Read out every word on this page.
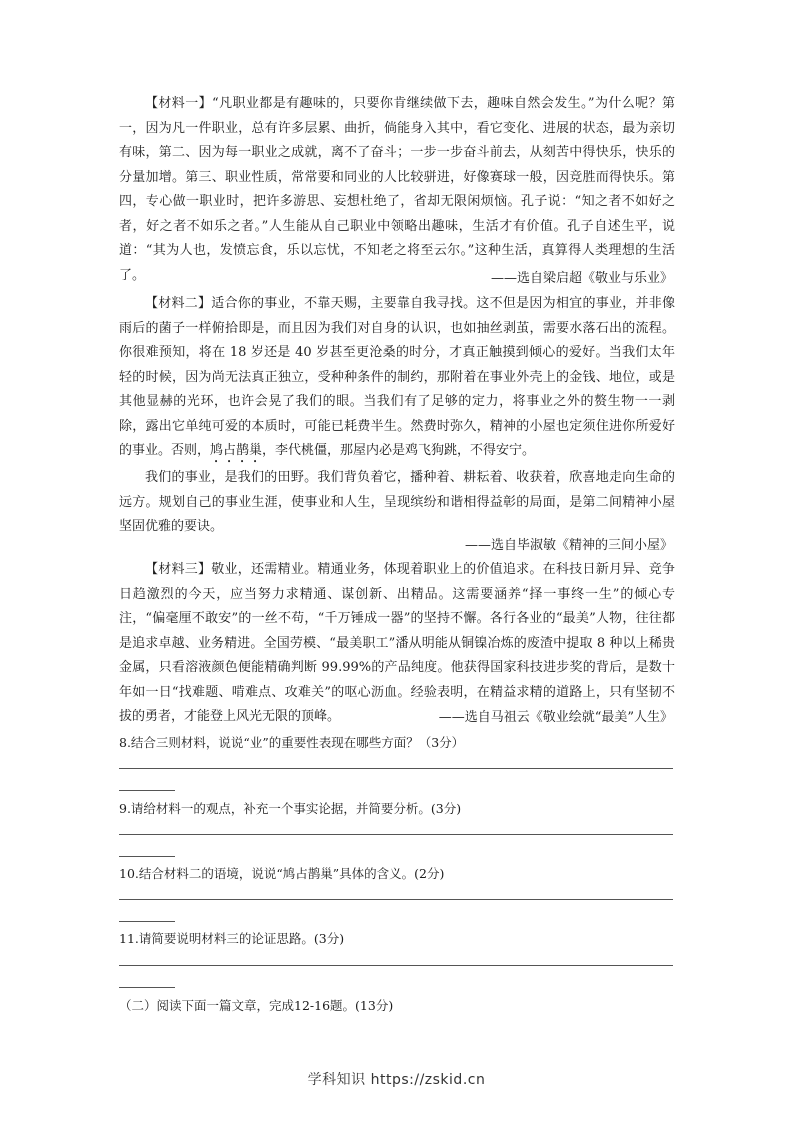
【材料一】“凡职业都是有趣味的，只要你肯继续做下去，趣味自然会发生。”为什么呢？第一，因为凡一件职业，总有许多层累、曲折，倘能身入其中，看它变化、进展的状态，最为亲切有味，第二、因为每一职业之成就，离不了奋斗；一步一步奋斗前去，从刻苦中得快乐，快乐的分量加增。第三、职业性质，常常要和同业的人比较骈进，好像赛球一般，因竞胜而得快乐。第四，专心做一职业时，把许多游思、妄想杜绝了，省却无限闲烦恼。孔子说：“知之者不如好之者，好之者不如乐之者。”人生能从自己职业中领略出趣味，生活才有价值。孔子自述生平，说道：“其为人也，发愤忘食，乐以忘忧，不知老之将至云尔。”这种生活，真算得人类理想的生活了。	——选自梁启超《敬业与乐业》

【材料二】适合你的事业，不靠天赐，主要靠自我寻找。这不但是因为相宜的事业，并非像雨后的菌子一样俯拾即是，而且因为我们对自身的认识，也如抽丝剥茧，需要水落石出的流程。你很难预知，将在 18 岁还是 40 岁甚至更沧桑的时分，才真正触摸到倾心的爱好。当我们太年轻的时候，因为尚无法真正独立，受种种条件的制约，那附着在事业外壳上的金钱、地位，或是其他显赫的光环，也许会晃了我们的眼。当我们有了足够的定力，将事业之外的赘生物一一剥除，露出它单纯可爱的本质时，可能已耗费半生。然费时弥久，精神的小屋也定须住进你所爱好的事业。否则，鸠占鹊巢，李代桃僵，那屋内必是鸡飞狗跳，不得安宁。

我们的事业，是我们的田野。我们背负着它，播种着、耕耘着、收获着，欣喜地走向生命的远方。规划自己的事业生涯，使事业和人生，呈现缤纷和谐相得益彰的局面，是第二间精神小屋坚固优雅的要诀。

——选自毕淑敏《精神的三间小屋》

【材料三】敬业，还需精业。精通业务，体现着职业上的价值追求。在科技日新月异、竞争日趋激烈的今天，应当努力求精通、谋创新、出精品。这需要涵养“择一事终一生”的倾心专注，“偏毫厘不敢安”的一丝不苟，“千万锤成一器”的坚持不懈。各行各业的“最美”人物，往往都是追求卓越、业务精进。全国劳模、“最美职工”潘从明能从铜镍冶炼的废渣中提取 8 种以上稀贵金属，只看溶液颜色便能精确判断 99.99%的产品纯度。他获得国家科技进步奖的背后，是数十年如一日“找难题、啃难点、攻难关”的呕心沥血。经验表明，在精益求精的道路上，只有坚韧不拔的勇者，才能登上风光无限的顶峰。	——选自马祖云《敬业绘就“最美”人生》

8.结合三则材料，说说“业”的重要性表现在哪些方面？（3分）

9.请给材料一的观点，补充一个事实论据，并简要分析。(3分)

10.结合材料二的语境，说说“鸠占鹊巢”具体的含义。(2分)

11.请简要说明材料三的论证思路。(3分)

（二）阅读下面一篇文章，完成12-16题。(13分)

学科知识 https://zskid.cn
